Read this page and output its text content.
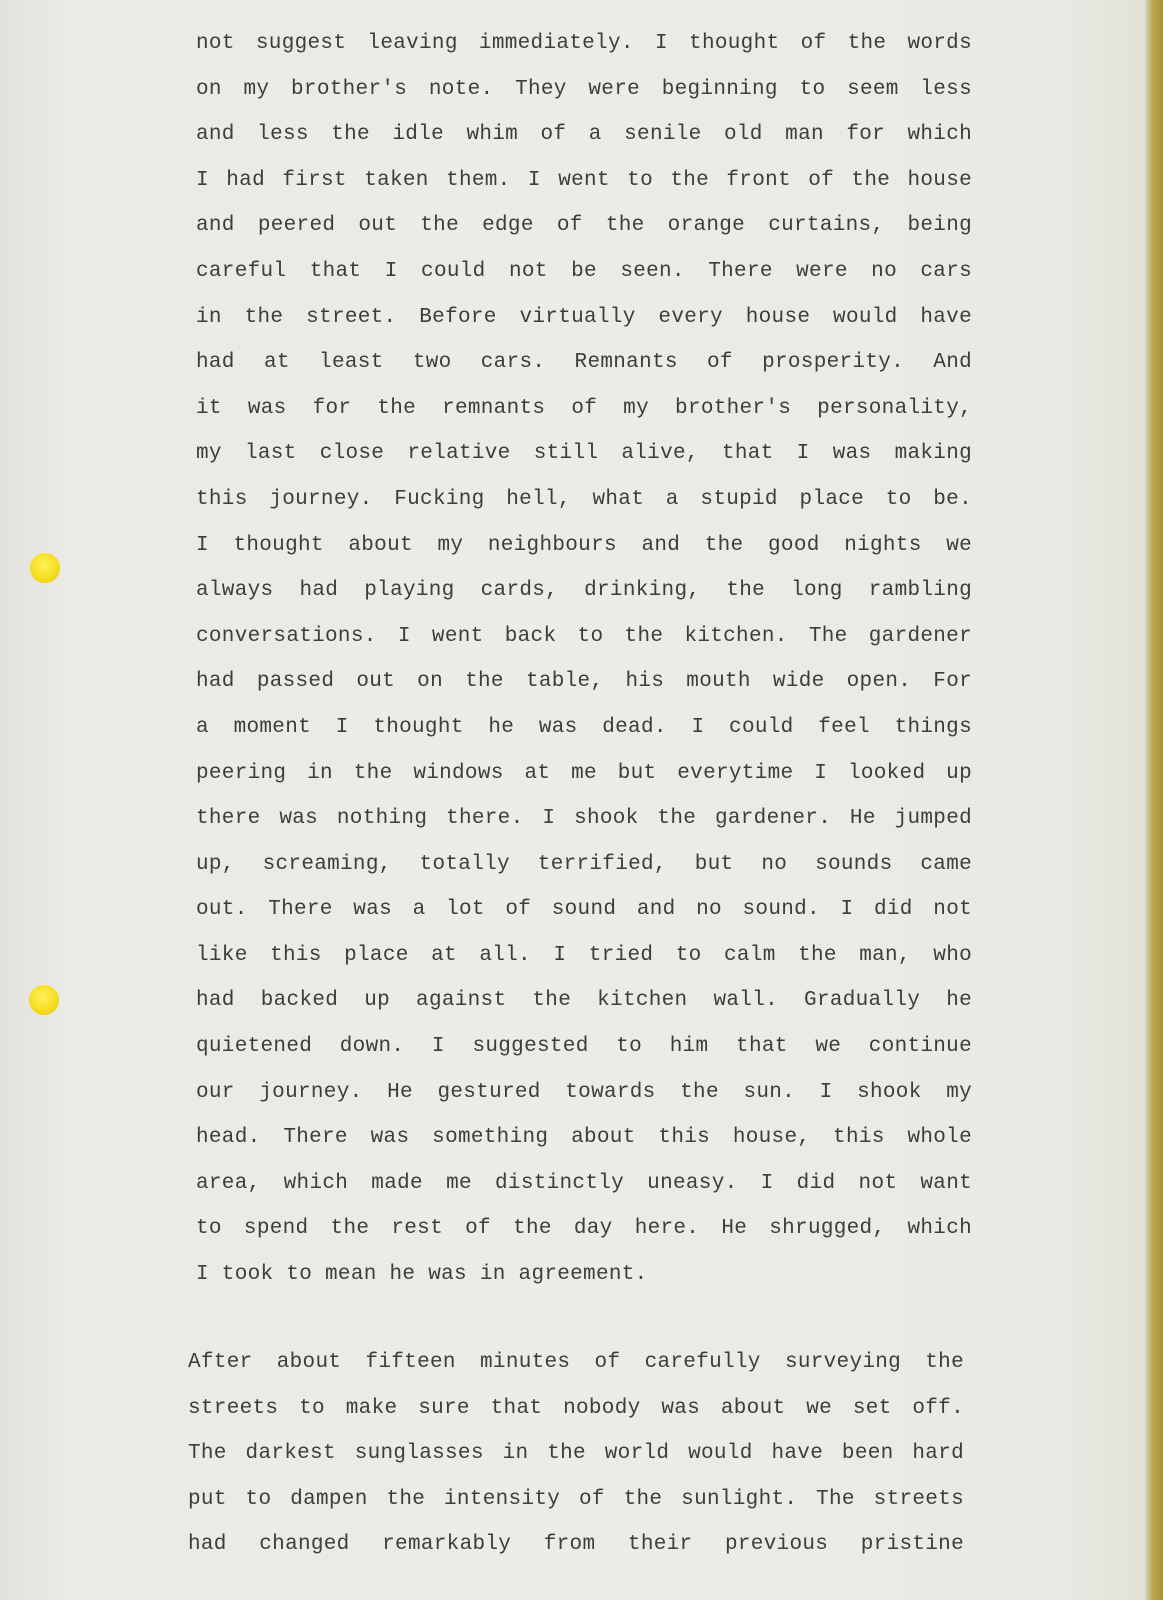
not suggest leaving immediately. I thought of the words
on my brother's note. They were beginning to seem less
and less the idle whim of a senile old man for which
I had first taken them. I went to the front of the house
and peered out the edge of the orange curtains, being
careful that I could not be seen. There were no cars
in the street. Before virtually every house would have
had at least two cars. Remnants of prosperity. And
it was for the remnants of my brother's personality,
my last close relative still alive, that I was making
this journey. Fucking hell, what a stupid place to be.
I thought about my neighbours and the good nights we
always had playing cards, drinking, the long rambling
conversations. I went back to the kitchen. The gardener
had passed out on the table, his mouth wide open. For
a moment I thought he was dead. I could feel things
peering in the windows at me but everytime I looked up
there was nothing there. I shook the gardener. He jumped
up, screaming, totally terrified, but no sounds came
out. There was a lot of sound and no sound. I did not
like this place at all. I tried to calm the man, who
had backed up against the kitchen wall. Gradually he
quietened down. I suggested to him that we continue
our journey. He gestured towards the sun. I shook my
head. There was something about this house, this whole
area, which made me distinctly uneasy. I did not want
to spend the rest of the day here. He shrugged, which
I took to mean he was in agreement.
After about fifteen minutes of carefully surveying the
streets to make sure that nobody was about we set off.
The darkest sunglasses in the world would have been hard
put to dampen the intensity of the sunlight. The streets
had changed remarkably from their previous pristine
